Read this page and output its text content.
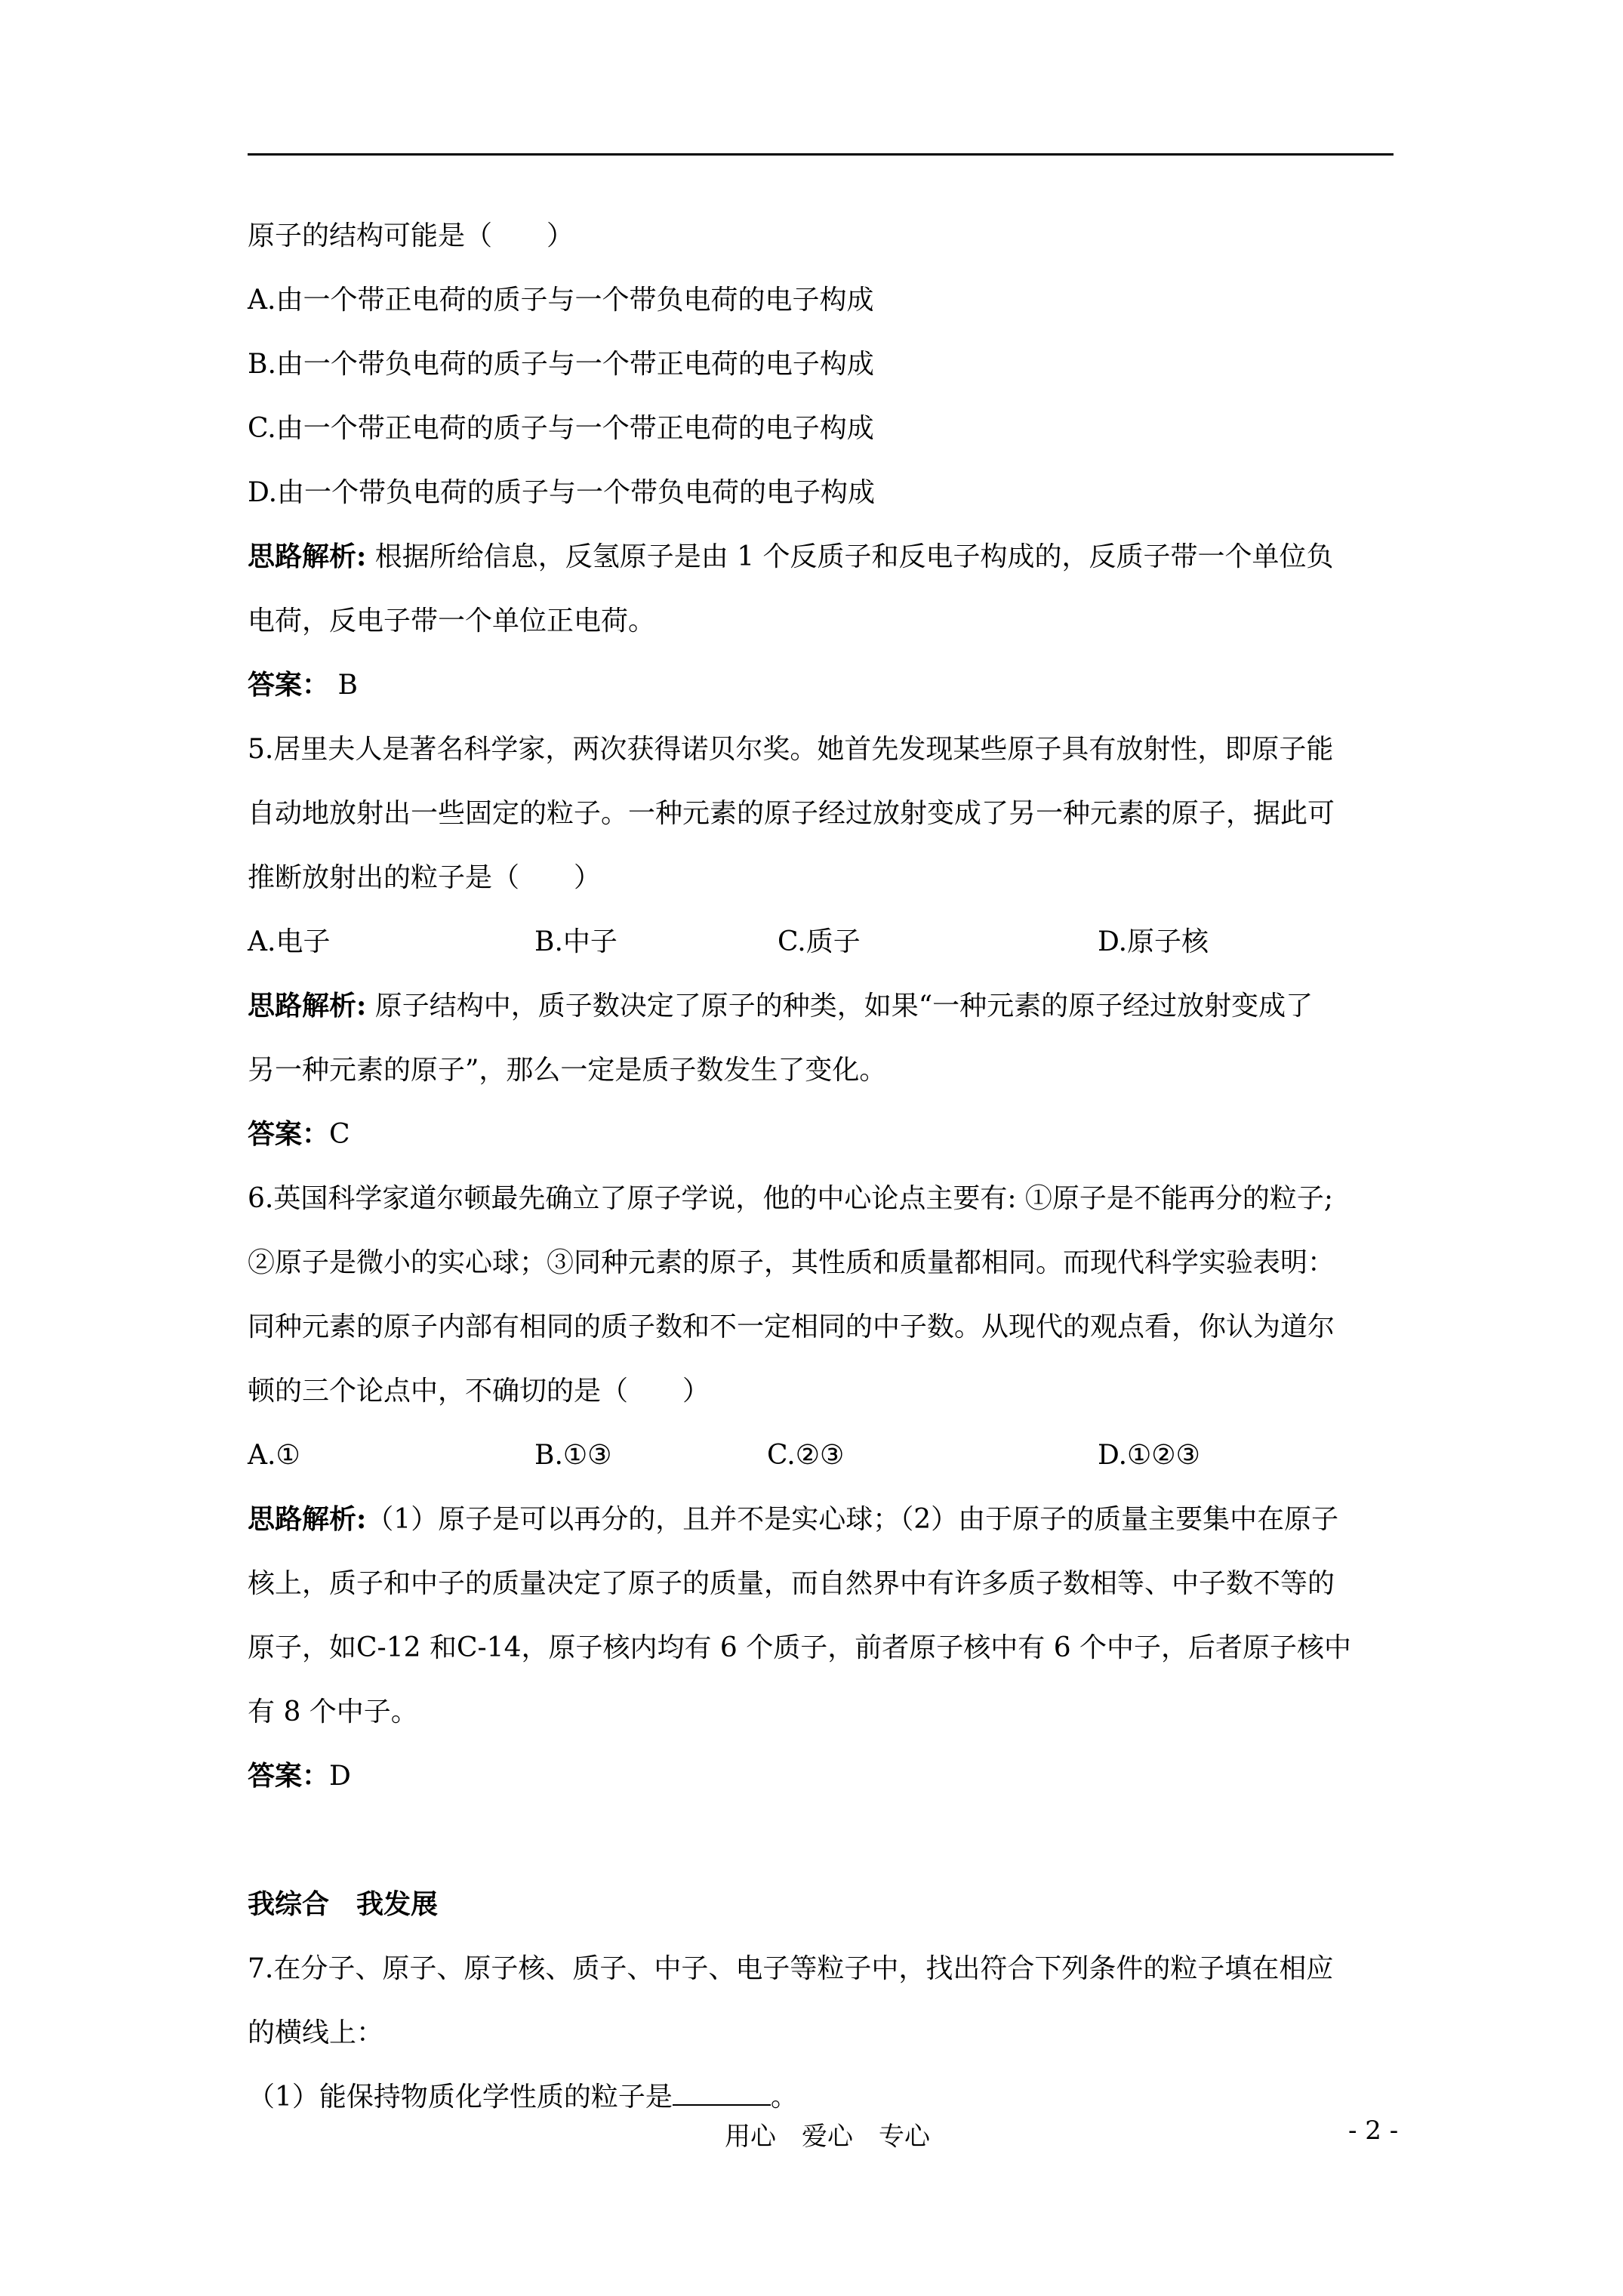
原子的结构可能是（　　）
A.由一个带正电荷的质子与一个带负电荷的电子构成
B.由一个带负电荷的质子与一个带正电荷的电子构成
C.由一个带正电荷的质子与一个带正电荷的电子构成
D.由一个带负电荷的质子与一个带负电荷的电子构成
思路解析: 根据所给信息，反氢原子是由 1 个反质子和反电子构成的，反质子带一个单位负
电荷，反电子带一个单位正电荷。
答案： B
5.居里夫人是著名科学家，两次获得诺贝尔奖。她首先发现某些原子具有放射性，即原子能
自动地放射出一些固定的粒子。一种元素的原子经过放射变成了另一种元素的原子，据此可
推断放射出的粒子是（　　）
A.电子	B.中子	C.质子	D.原子核
思路解析: 原子结构中，质子数决定了原子的种类，如果“一种元素的原子经过放射变成了
另一种元素的原子”，那么一定是质子数发生了变化。
答案：C
6.英国科学家道尔顿最先确立了原子学说，他的中心论点主要有: ①原子是不能再分的粒子;
②原子是微小的实心球；③同种元素的原子，其性质和质量都相同。而现代科学实验表明：
同种元素的原子内部有相同的质子数和不一定相同的中子数。从现代的观点看，你认为道尔
顿的三个论点中，不确切的是（　　）
A.①	B.①③	C.②③	D.①②③
思路解析:（1）原子是可以再分的，且并不是实心球；（2）由于原子的质量主要集中在原子
核上，质子和中子的质量决定了原子的质量，而自然界中有许多质子数相等、中子数不等的
原子，如C-12 和C-14，原子核内均有 6 个质子，前者原子核中有 6 个中子，后者原子核中
有 8 个中子。
答案：D
我综合　我发展
7.在分子、原子、原子核、质子、中子、电子等粒子中，找出符合下列条件的粒子填在相应
的横线上：
（1）能保持物质化学性质的粒子是	。
用心　爱心　专心	- 2 -
